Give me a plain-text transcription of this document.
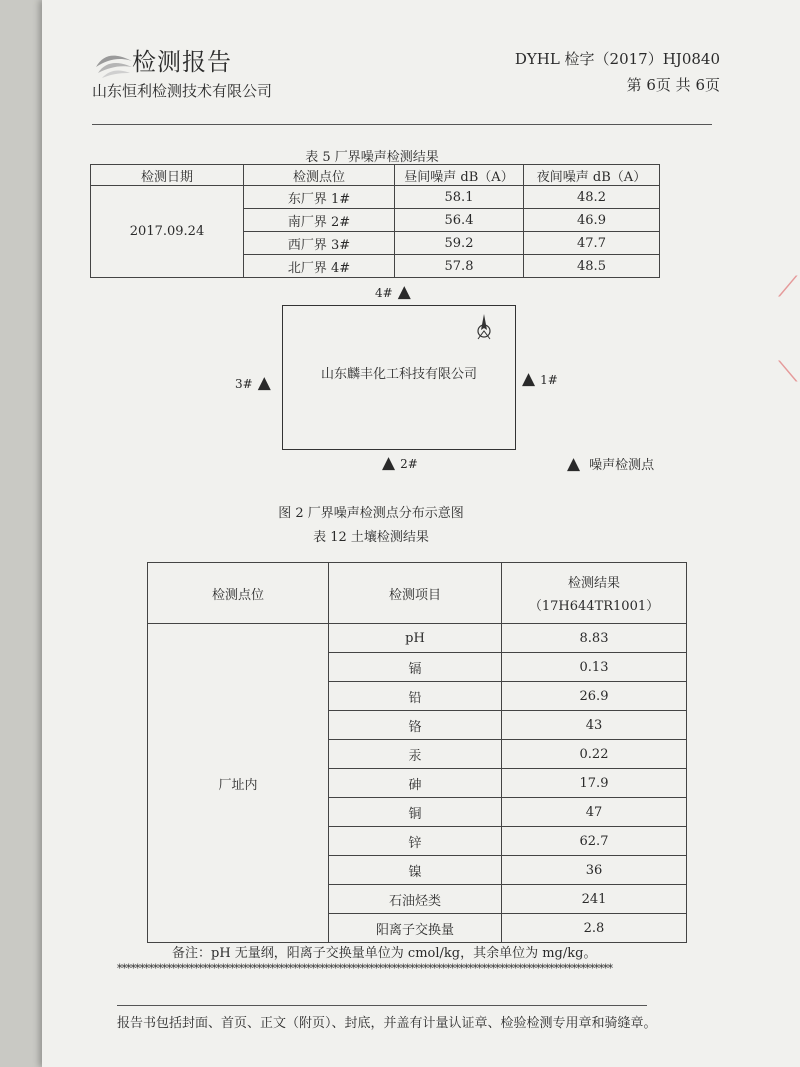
检测报告
山东恒利检测技术有限公司
DYHL 检字（2017）HJ0840
第 6页 共 6页
表 5 厂界噪声检测结果
检测日期	检测点位	昼间噪声 dB（A）	夜间噪声 dB（A）
2017.09.24	东厂界 1#	58.1	48.2
	南厂界 2#	56.4	46.9
	西厂界 3#	59.2	47.7
	北厂界 4#	57.8	48.5
4# ▲
山东麟丰化工科技有限公司
3# ▲	▲ 1#
▲ 2#	▲ 噪声检测点
图 2 厂界噪声检测点分布示意图
表 12 土壤检测结果
检测点位	检测项目	检测结果
（17H644TR1001）

厂址内	pH	8.83
	镉	0.13
	铅	26.9
	铬	43
	汞	0.22
	砷	17.9
	铜	47
	锌	62.7
	镍	36
	石油烃类	241
	阳离子交换量	2.8
备注：pH 无量纲，阳离子交换量单位为 cmol/kg，其余单位为 mg/kg。
**************************************************************************************************************
报告书包括封面、首页、正文（附页）、封底，并盖有计量认证章、检验检测专用章和骑缝章。
⟋
⟍
